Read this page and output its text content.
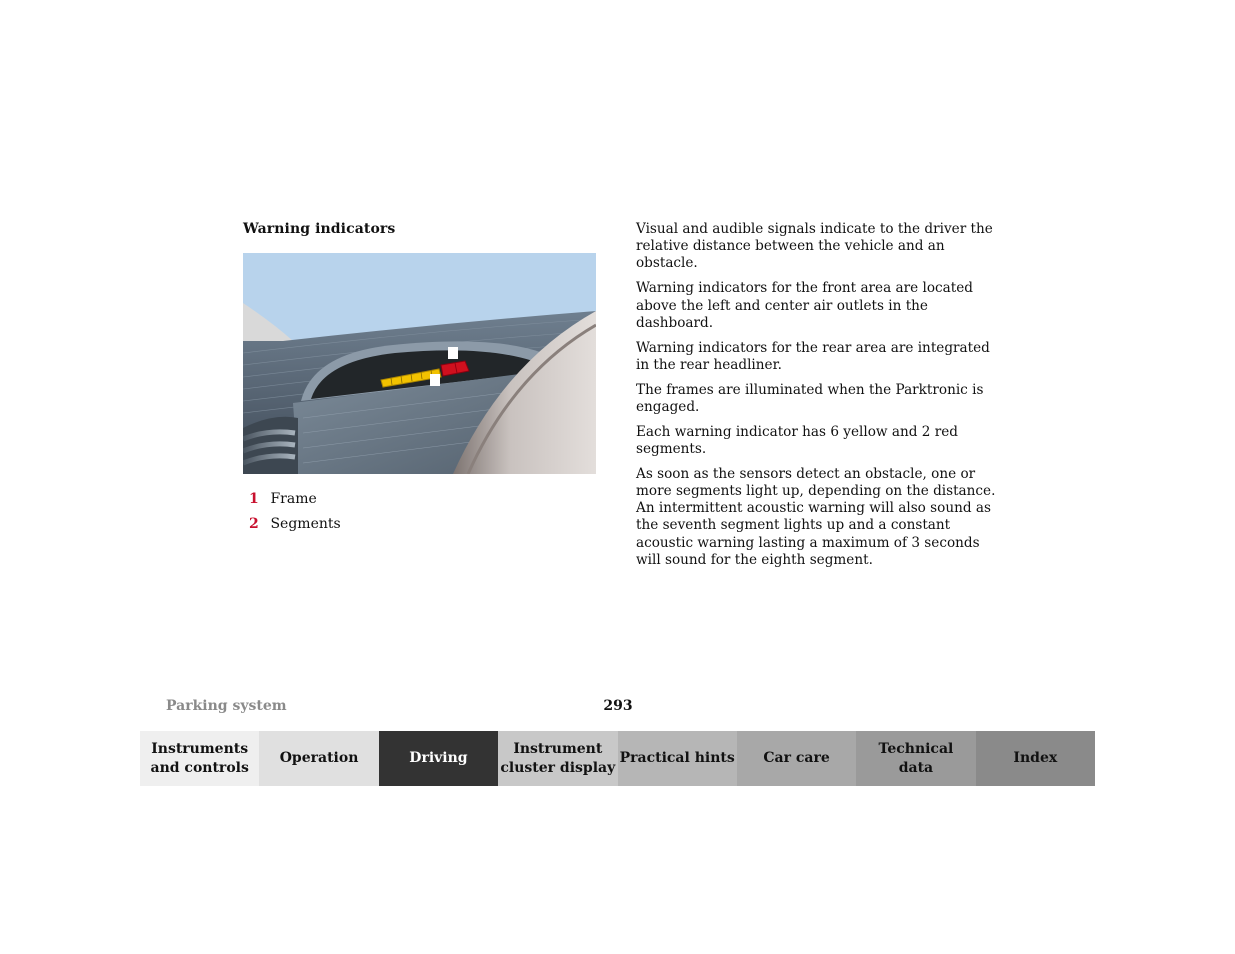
Warning indicators
1 Frame
2 Segments

Visual and audible signals indicate to the driver the relative distance between the vehicle and an obstacle.

Warning indicators for the front area are located above the left and center air outlets in the dashboard.

Warning indicators for the rear area are integrated in the rear headliner.

The frames are illuminated when the Parktronic is engaged.

Each warning indicator has 6 yellow and 2 red segments.

As soon as the sensors detect an obstacle, one or more segments light up, depending on the distance. An intermittent acoustic warning will also sound as the seventh segment lights up and a constant acoustic warning lasting a maximum of 3 seconds will sound for the eighth segment.

Parking system	293
Instruments
and controls
Operation	Driving
Instrument
cluster display
Practical hints Car care
Technical
data
Index
